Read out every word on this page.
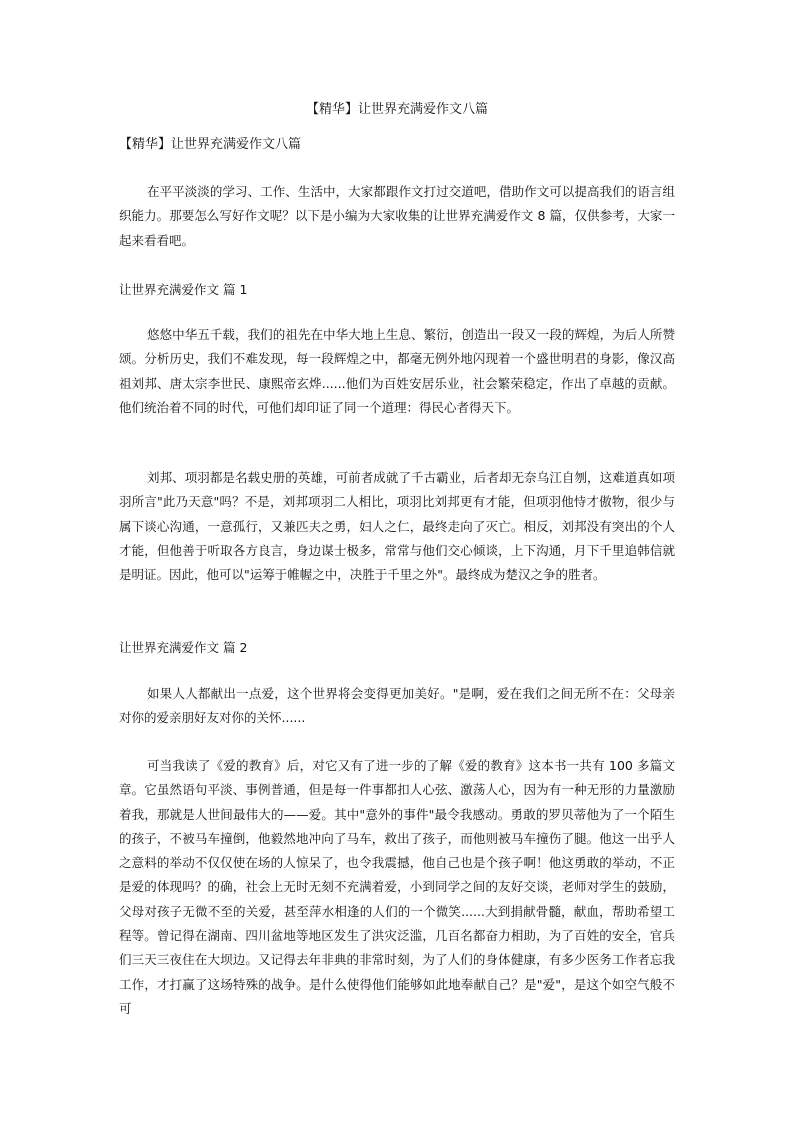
【精华】让世界充满爱作文八篇
【精华】让世界充满爱作文八篇

在平平淡淡的学习、工作、生活中，大家都跟作文打过交道吧，借助作文可以提高我们的语言组织能力。那要怎么写好作文呢？以下是小编为大家收集的让世界充满爱作文 8 篇，仅供参考，大家一起来看看吧。

让世界充满爱作文 篇 1

悠悠中华五千载，我们的祖先在中华大地上生息、繁衍，创造出一段又一段的辉煌，为后人所赞颂。分析历史，我们不难发现，每一段辉煌之中，都毫无例外地闪现着一个盛世明君的身影，像汉高祖刘邦、唐太宗李世民、康熙帝玄烨......他们为百姓安居乐业，社会繁荣稳定，作出了卓越的贡献。他们统治着不同的时代，可他们却印证了同一个道理：得民心者得天下。

刘邦、项羽都是名载史册的英雄，可前者成就了千古霸业，后者却无奈乌江自刎，这难道真如项羽所言"此乃天意"吗？不是，刘邦项羽二人相比，项羽比刘邦更有才能，但项羽他恃才傲物，很少与属下谈心沟通，一意孤行，又兼匹夫之勇，妇人之仁，最终走向了灭亡。相反，刘邦没有突出的个人才能，但他善于听取各方良言，身边谋士极多，常常与他们交心倾谈，上下沟通，月下千里追韩信就是明证。因此，他可以"运筹于帷幄之中，决胜于千里之外"。最终成为楚汉之争的胜者。

让世界充满爱作文 篇 2

如果人人都献出一点爱，这个世界将会变得更加美好。"是啊，爱在我们之间无所不在：父母亲对你的爱亲朋好友对你的关怀......

可当我读了《爱的教育》后，对它又有了进一步的了解《爱的教育》这本书一共有 100 多篇文章。它虽然语句平淡、事例普通，但是每一件事都扣人心弦、激荡人心，因为有一种无形的力量激励着我，那就是人世间最伟大的——爱。其中"意外的事件"最令我感动。勇敢的罗贝蒂他为了一个陌生的孩子，不被马车撞倒，他毅然地冲向了马车，救出了孩子，而他则被马车撞伤了腿。他这一出乎人之意料的举动不仅仅使在场的人惊呆了，也令我震撼，他自己也是个孩子啊！他这勇敢的举动，不正是爱的体现吗？的确，社会上无时无刻不充满着爱，小到同学之间的友好交谈，老师对学生的鼓励，父母对孩子无微不至的关爱，甚至萍水相逢的人们的一个微笑......大到捐献骨髓，献血，帮助希望工程等。曾记得在湖南、四川盆地等地区发生了洪灾泛滥，几百名都奋力相助，为了百姓的安全，官兵们三天三夜住在大坝边。又记得去年非典的非常时刻，为了人们的身体健康，有多少医务工作者忘我工作，才打赢了这场特殊的战争。是什么使得他们能够如此地奉献自己？是"爱"，是这个如空气般不可
